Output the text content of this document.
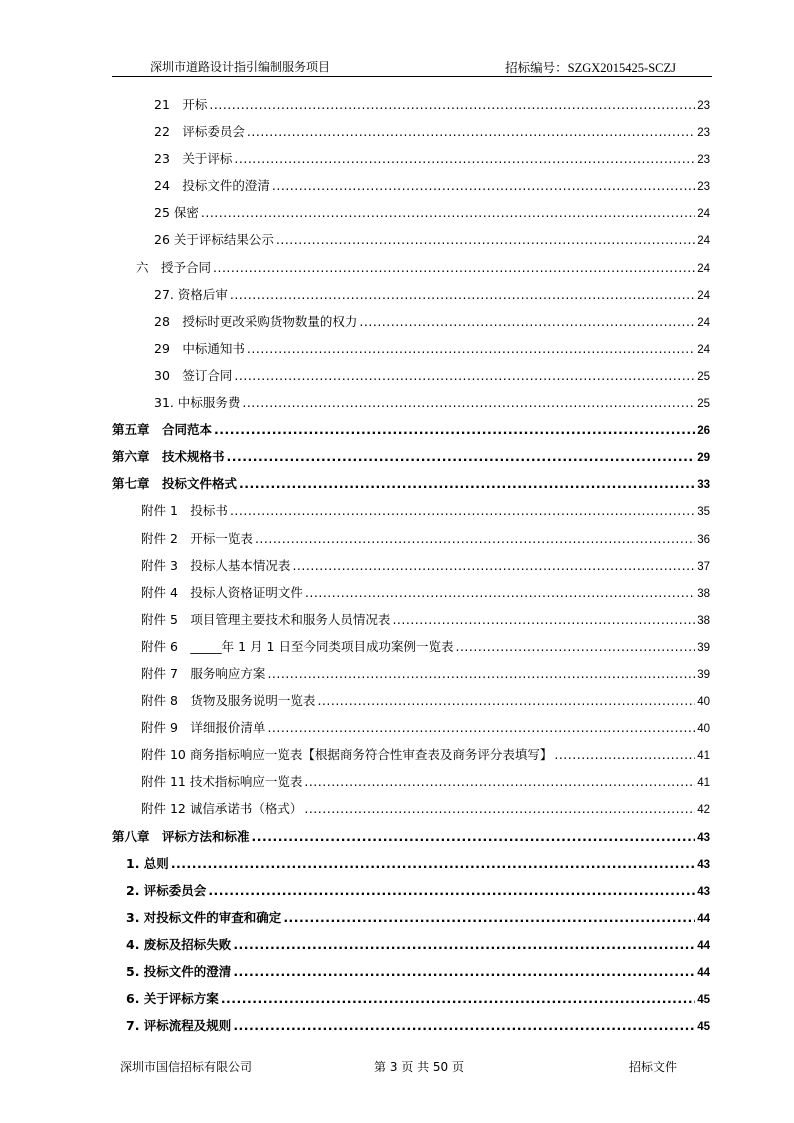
深圳市道路设计指引编制服务项目	招标编号：SZGX2015425-SCZJ
21　开标 .....	23
22　评标委员会 .....	23
23　关于评标 .....	23
24　投标文件的澄清 .....	23
25 保密 .....	24
26 关于评标结果公示 .....	24
六　授予合同 .....	24
27. 资格后审 .....	24
28　授标时更改采购货物数量的权力 .....	24
29　中标通知书 .....	24
30　签订合同 .....	25
31. 中标服务费 .....	25
第五章　合同范本 .....	26
第六章　技术规格书 .....	29
第七章　投标文件格式 .....	33
附件 1　投标书 .....	35
附件 2　开标一览表 .....	36
附件 3　投标人基本情况表 .....	37
附件 4　投标人资格证明文件 .....	38
附件 5　项目管理主要技术和服务人员情况表 .....	38
附件 6　_____年 1 月 1 日至今同类项目成功案例一览表 .....	39
附件 7　服务响应方案 .....	39
附件 8　货物及服务说明一览表 .....	40
附件 9　详细报价清单 .....	40
附件 10 商务指标响应一览表【根据商务符合性审查表及商务评分表填写】 .....	41
附件 11 技术指标响应一览表 .....	41
附件 12 诚信承诺书（格式） .....	42
第八章　评标方法和标准 .....	43
1. 总则 .....	43
2. 评标委员会 .....	43
3. 对投标文件的审查和确定 .....	44
4. 废标及招标失败 .....	44
5. 投标文件的澄清 .....	44
6. 关于评标方案 .....	45
7. 评标流程及规则 .....	45
深圳市国信招标有限公司	第 3 页 共 50 页	招标文件
